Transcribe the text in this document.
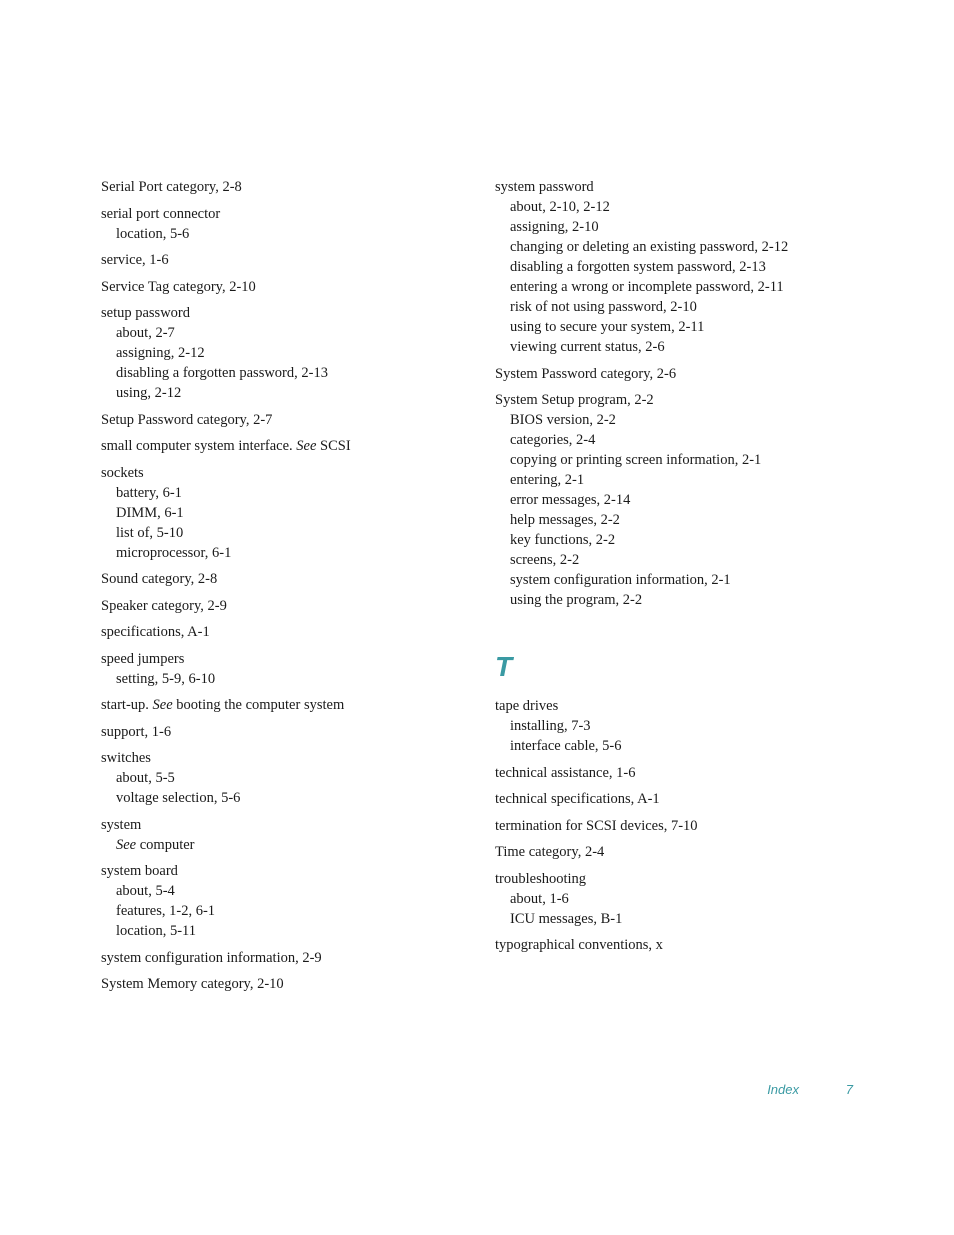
Serial Port category, 2-8
serial port connector
location, 5-6
service, 1-6
Service Tag category, 2-10
setup password
about, 2-7
assigning, 2-12
disabling a forgotten password, 2-13
using, 2-12
Setup Password category, 2-7
small computer system interface. See SCSI
sockets
battery, 6-1
DIMM, 6-1
list of, 5-10
microprocessor, 6-1
Sound category, 2-8
Speaker category, 2-9
specifications, A-1
speed jumpers
setting, 5-9, 6-10
start-up. See booting the computer system
support, 1-6
switches
about, 5-5
voltage selection, 5-6
system
See computer
system board
about, 5-4
features, 1-2, 6-1
location, 5-11
system configuration information, 2-9
System Memory category, 2-10
system password
about, 2-10, 2-12
assigning, 2-10
changing or deleting an existing password, 2-12
disabling a forgotten system password, 2-13
entering a wrong or incomplete password, 2-11
risk of not using password, 2-10
using to secure your system, 2-11
viewing current status, 2-6
System Password category, 2-6
System Setup program, 2-2
BIOS version, 2-2
categories, 2-4
copying or printing screen information, 2-1
entering, 2-1
error messages, 2-14
help messages, 2-2
key functions, 2-2
screens, 2-2
system configuration information, 2-1
using the program, 2-2
T
tape drives
installing, 7-3
interface cable, 5-6
technical assistance, 1-6
technical specifications, A-1
termination for SCSI devices, 7-10
Time category, 2-4
troubleshooting
about, 1-6
ICU messages, B-1
typographical conventions, x
Index	7
